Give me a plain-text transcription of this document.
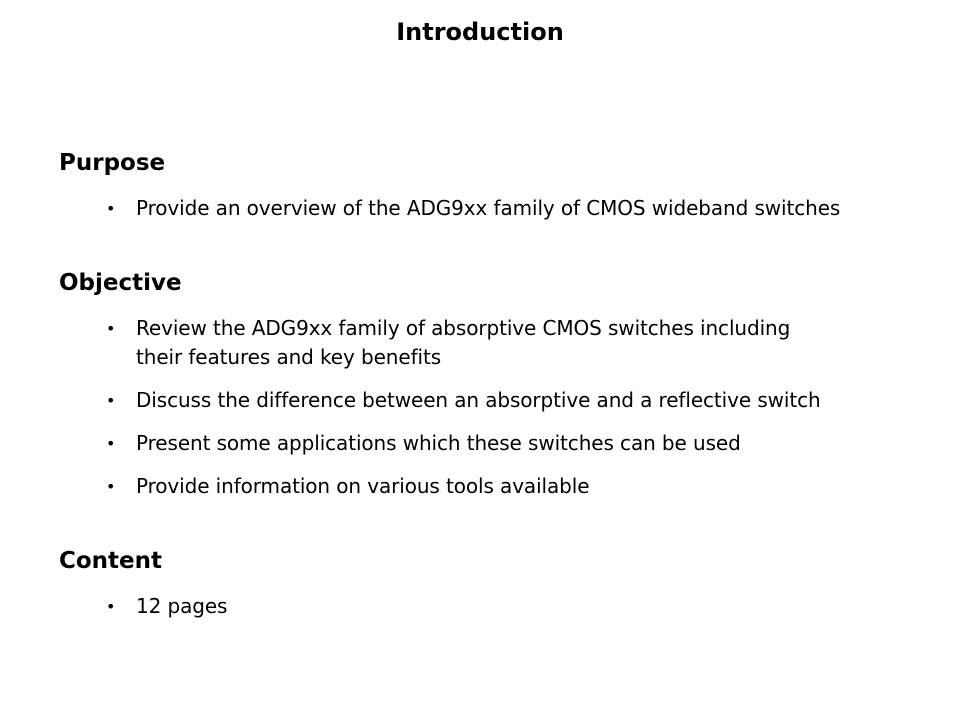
Introduction
Purpose
• Provide an overview of the ADG9xx family of CMOS wideband switches
Objective
• Review the ADG9xx family of absorptive CMOS switches including their features and key benefits
• Discuss the difference between an absorptive and a reflective switch
• Present some applications which these switches can be used
• Provide information on various tools available
Content
• 12 pages
